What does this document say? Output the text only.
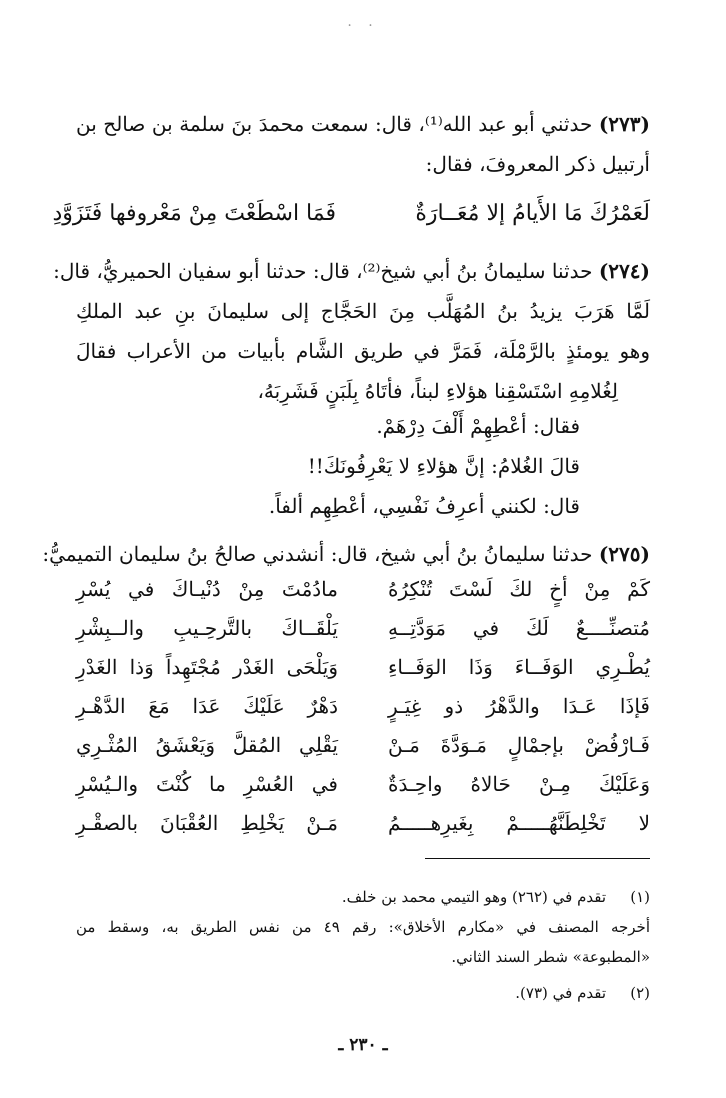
. .
(٢٧٣) حدثني أبو عبد الله⁽¹⁾، قال: سمعت محمدَ بنَ سلمة بن صالح بن
أرتبيل ذكر المعروفَ، فقال:
لَعَمْرُكَ مَا الأَيامُ إلا مُعَــارَةٌ
فَمَا اسْطَعْتَ مِنْ مَعْروفها فَتَزَوَّدِ
(٢٧٤) حدثنا سليمانُ بنُ أبي شيخ⁽²⁾، قال: حدثنا أبو سفيان الحميريُّ، قال:
لَمَّا هَرَبَ يزيدُ بنُ المُهَلَّب مِنَ الحَجَّاج إلى سليمانَ بنِ عبد الملكِ
وهو يومئذٍ بالرَّمْلَة، فَمَرَّ في طريق الشَّام بأبيات من الأعراب فقالَ
لِغُلامِهِ اسْتَسْقِنا هؤلاءِ لبناً، فأتَاهُ بِلَبَنٍ فَشَرِبَهُ،
فقال: أعْطِهِمْ أَلْفَ دِرْهَمْ.
قالَ الغُلامُ: إنَّ هؤلاءِ لا يَعْرِفُونَكَ!!
قال: لكنني أعرِفُ نَفْسِي، أعْطِهِم ألفاً.
(٢٧٥) حدثنا سليمانُ بنُ أبي شيخ، قال: أنشدني صالحُ بنُ سليمان التميميُّ:
كَمْ مِنْ أخٍ لكَ لَسْتَ تُنْكِرُهُ
مادُمْتَ مِنْ دُنْيـاكَ في يُسْرِ
مُتصنِّــــعٌ لَكَ في مَوَدَّتِــهِ
يَلْقَــاكَ بالتَّرحِـيبِ والــبِشْرِ
يُطْـرِي الوَفَــاءَ وَذَا الوَفَــاءِ
وَيَلْحَى الغَدْر مُجْتَهِداً وَذا الغَدْرِ
فَإذَا عَـدَا والدَّهْرُ ذو غِيَـرٍ
دَهْرٌ عَلَيْكَ عَدَا مَعَ الدَّهْـرِ
فَـارْفُضْ بإجمْالٍ مَـوَدَّةَ مَـنْ
يَقْلِي المُقلَّ وَيَعْشَقُ المُثْـرِي
وَعَلَيْكَ مِـنْ حَالاهُ واحِـدَةٌ
في العُسْرِ ما كُنْتَ والـيُسْرِ
لا تَخْلِطَنَّهُـــــمْ بِغَيرِهـــــمُ
مَـنْ يَخْلِطِ العُقْبَانَ بالصقْـرِ
(١)تقدم في (٢٦٢) وهو التيمي محمد بن خلف.
أخرجه المصنف في «مكارم الأخلاق»: رقم ٤٩ من نفس الطريق به، وسقط من
«المطبوعة» شطر السند الثاني.
(٢)تقدم في (٧٣).
ـ ٢٣٠ ـ
